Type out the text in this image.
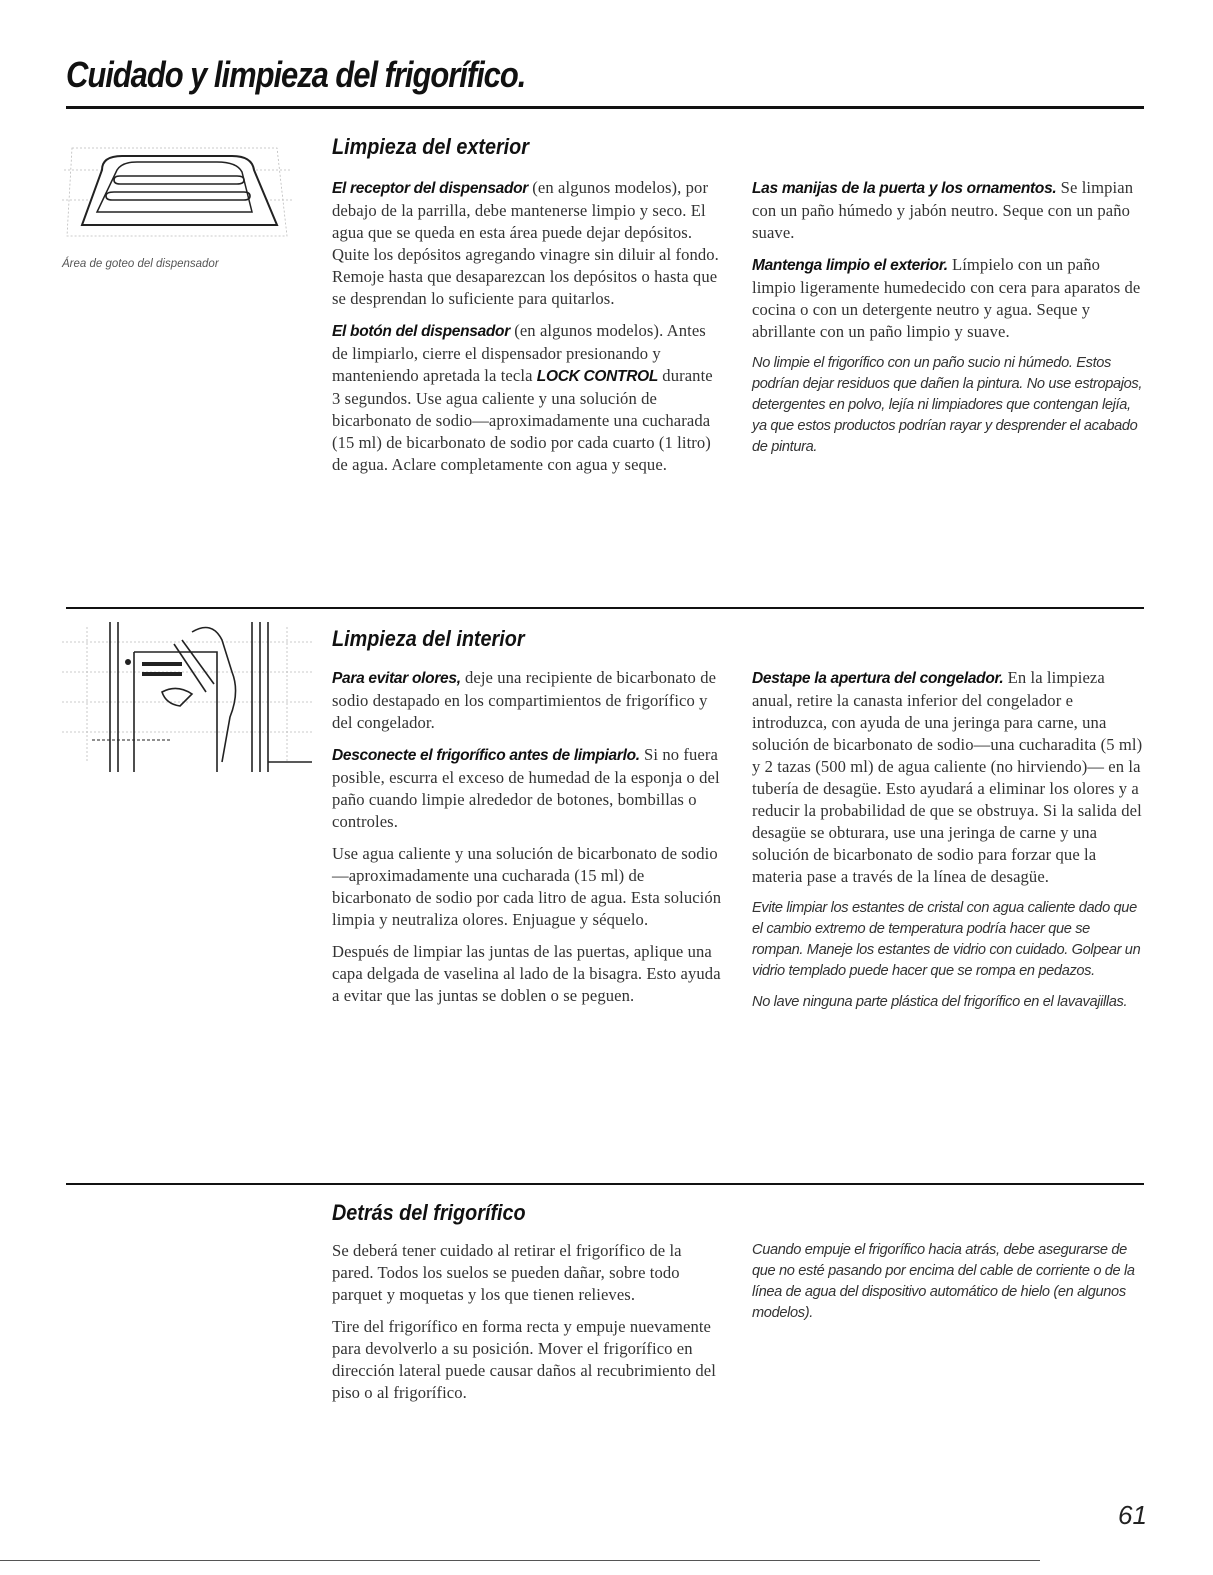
Cuidado y limpieza del frigorífico.
Área de goteo del dispensador
Limpieza del exterior

El receptor del dispensador (en algunos modelos), por debajo de la parrilla, debe mantenerse limpio y seco. El agua que se queda en esta área puede dejar depósitos. Quite los depósitos agregando vinagre sin diluir al fondo. Remoje hasta que desaparezcan los depósitos o hasta que se desprendan lo suficiente para quitarlos.

El botón del dispensador (en algunos modelos). Antes de limpiarlo, cierre el dispensador presionando y manteniendo apretada la tecla LOCK CONTROL durante 3 segundos. Use agua caliente y una solución de bicarbonato de sodio—aproximadamente una cucharada (15 ml) de bicarbonato de sodio por cada cuarto (1 litro) de agua. Aclare completamente con agua y seque.

Las manijas de la puerta y los ornamentos. Se limpian con un paño húmedo y jabón neutro. Seque con un paño suave.

Mantenga limpio el exterior. Límpielo con un paño limpio ligeramente humedecido con cera para aparatos de cocina o con un detergente neutro y agua. Seque y abrillante con un paño limpio y suave.

No limpie el frigorífico con un paño sucio ni húmedo. Estos podrían dejar residuos que dañen la pintura. No use estropajos, detergentes en polvo, lejía ni limpiadores que contengan lejía, ya que estos productos podrían rayar y desprender el acabado de pintura.

Limpieza del interior

Para evitar olores, deje una recipiente de bicarbonato de sodio destapado en los compartimientos de frigorífico y del congelador.

Desconecte el frigorífico antes de limpiarlo. Si no fuera posible, escurra el exceso de humedad de la esponja o del paño cuando limpie alrededor de botones, bombillas o controles.

Use agua caliente y una solución de bicarbonato de sodio—aproximadamente una cucharada (15 ml) de bicarbonato de sodio por cada litro de agua. Esta solución limpia y neutraliza olores. Enjuague y séquelo.

Después de limpiar las juntas de las puertas, aplique una capa delgada de vaselina al lado de la bisagra. Esto ayuda a evitar que las juntas se doblen o se peguen.

Destape la apertura del congelador. En la limpieza anual, retire la canasta inferior del congelador e introduzca, con ayuda de una jeringa para carne, una solución de bicarbonato de sodio—una cucharadita (5 ml) y 2 tazas (500 ml) de agua caliente (no hirviendo)— en la tubería de desagüe. Esto ayudará a eliminar los olores y a reducir la probabilidad de que se obstruya. Si la salida del desagüe se obturara, use una jeringa de carne y una solución de bicarbonato de sodio para forzar que la materia pase a través de la línea de desagüe.

Evite limpiar los estantes de cristal con agua caliente dado que el cambio extremo de temperatura podría hacer que se rompan. Maneje los estantes de vidrio con cuidado. Golpear un vidrio templado puede hacer que se rompa en pedazos.

No lave ninguna parte plástica del frigorífico en el lavavajillas.

Detrás del frigorífico

Se deberá tener cuidado al retirar el frigorífico de la pared. Todos los suelos se pueden dañar, sobre todo parquet y moquetas y los que tienen relieves.

Tire del frigorífico en forma recta y empuje nuevamente para devolverlo a su posición. Mover el frigorífico en dirección lateral puede causar daños al recubrimiento del piso o al frigorífico.

Cuando empuje el frigorífico hacia atrás, debe asegurarse de que no esté pasando por encima del cable de corriente o de la línea de agua del dispositivo automático de hielo (en algunos modelos).

61
